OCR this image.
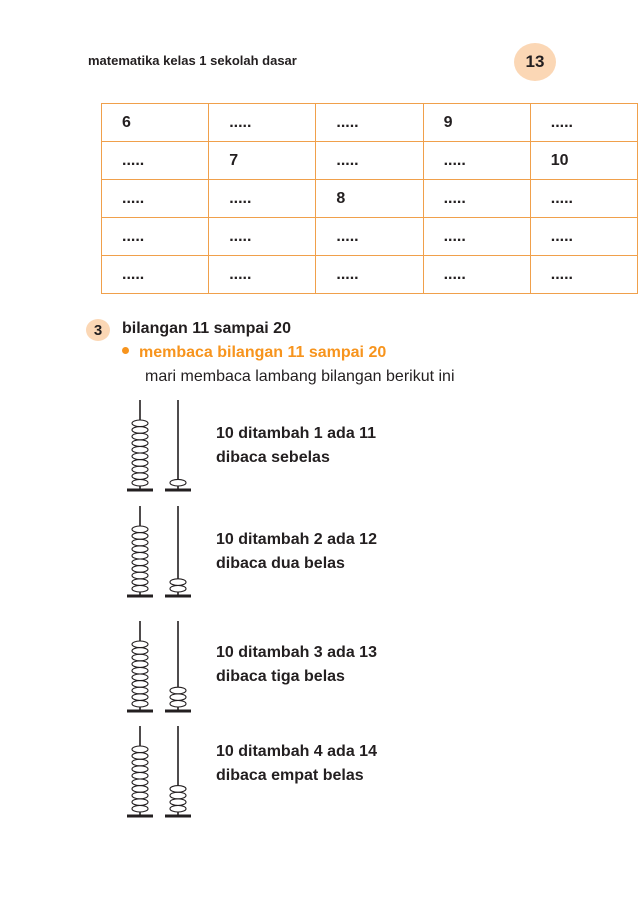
matematika kelas 1 sekolah dasar	13
6	.....	.....	9	.....
.....	7	.....	.....	10
.....	.....	8	.....	.....
.....	.....	.....	.....	.....
.....	.....	.....	.....	.....
3	bilangan 11 sampai 20
membaca bilangan 11 sampai 20
mari membaca lambang bilangan berikut ini
10 ditambah 1 ada 11
dibaca sebelas
10 ditambah 2 ada 12
dibaca dua belas
10 ditambah 3 ada 13
dibaca tiga belas
10 ditambah 4 ada 14
dibaca empat belas
